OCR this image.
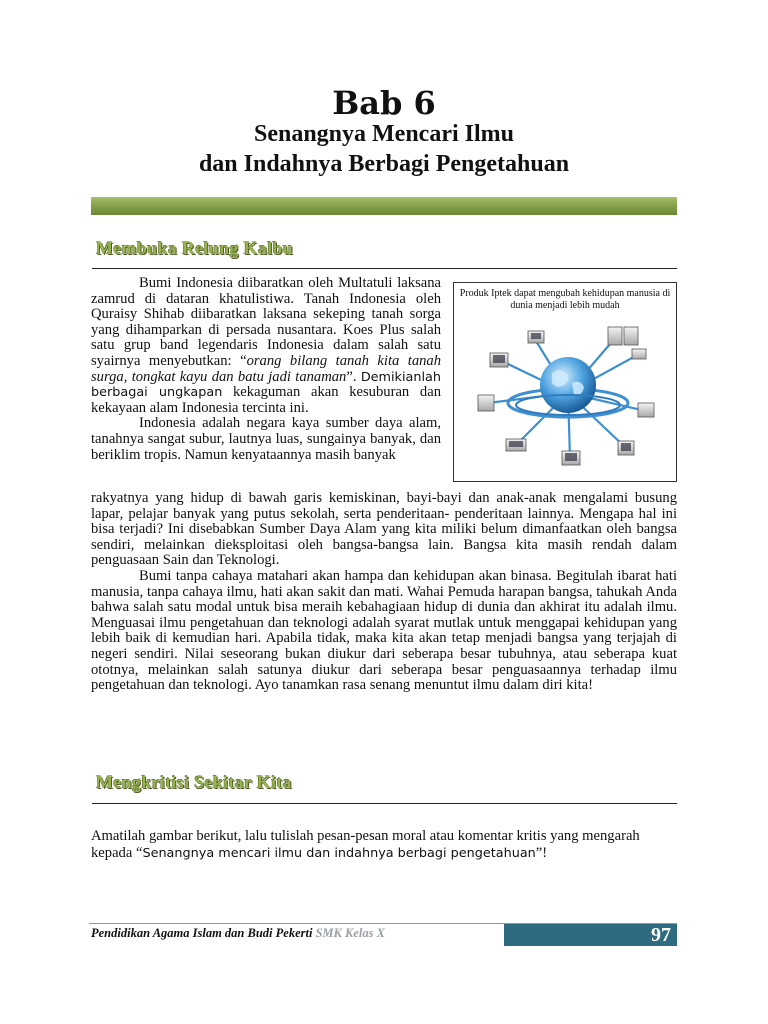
Bab 6
Senangnya Mencari Ilmu
dan Indahnya Berbagi Pengetahuan
Membuka Relung Kalbu

Bumi Indonesia diibaratkan oleh Multatuli laksana zamrud di dataran khatulistiwa. Tanah Indonesia oleh Quraisy Shihab diibaratkan laksana sekeping tanah sorga yang dihamparkan di persada nusantara. Koes Plus salah satu grup band legendaris Indonesia dalam salah satu syairnya menyebutkan: “orang bilang tanah kita tanah surga, tongkat kayu dan batu jadi tanaman”. Demikianlah berbagai ungkapan kekaguman akan kesuburan dan kekayaan alam Indonesia tercinta ini.

Indonesia adalah negara kaya sumber daya alam, tanahnya sangat subur, lautnya luas, sungainya banyak, dan beriklim tropis. Namun kenyataannya masih banyak

Produk Iptek dapat mengubah kehidupan manusia di dunia menjadi lebih mudah

rakyatnya yang hidup di bawah garis kemiskinan, bayi-bayi dan anak-anak mengalami busung lapar, pelajar banyak yang putus sekolah, serta penderitaan- penderitaan lainnya. Mengapa hal ini bisa terjadi? Ini disebabkan Sumber Daya Alam yang kita miliki belum dimanfaatkan oleh bangsa sendiri, melainkan dieksploitasi oleh bangsa-bangsa lain. Bangsa kita masih rendah dalam penguasaan Sain dan Teknologi.

Bumi tanpa cahaya matahari akan hampa dan kehidupan akan binasa. Begitulah ibarat hati manusia, tanpa cahaya ilmu, hati akan sakit dan mati. Wahai Pemuda harapan bangsa, tahukah Anda bahwa salah satu modal untuk bisa meraih kebahagiaan hidup di dunia dan akhirat itu adalah ilmu. Menguasai ilmu pengetahuan dan teknologi adalah syarat mutlak untuk menggapai kehidupan yang lebih baik di kemudian hari. Apabila tidak, maka kita akan tetap menjadi bangsa yang terjajah di negeri sendiri. Nilai seseorang bukan diukur dari seberapa besar tubuhnya, atau seberapa kuat ototnya, melainkan salah satunya diukur dari seberapa besar penguasaannya terhadap ilmu pengetahuan dan teknologi. Ayo tanamkan rasa senang menuntut ilmu dalam diri kita!

Mengkritisi Sekitar Kita

Amatilah gambar berikut, lalu tulislah pesan-pesan moral atau komentar kritis yang mengarah kepada “Senangnya mencari ilmu dan indahnya berbagi pengetahuan”!

Pendidikan Agama Islam dan Budi Pekerti SMK Kelas X	97
